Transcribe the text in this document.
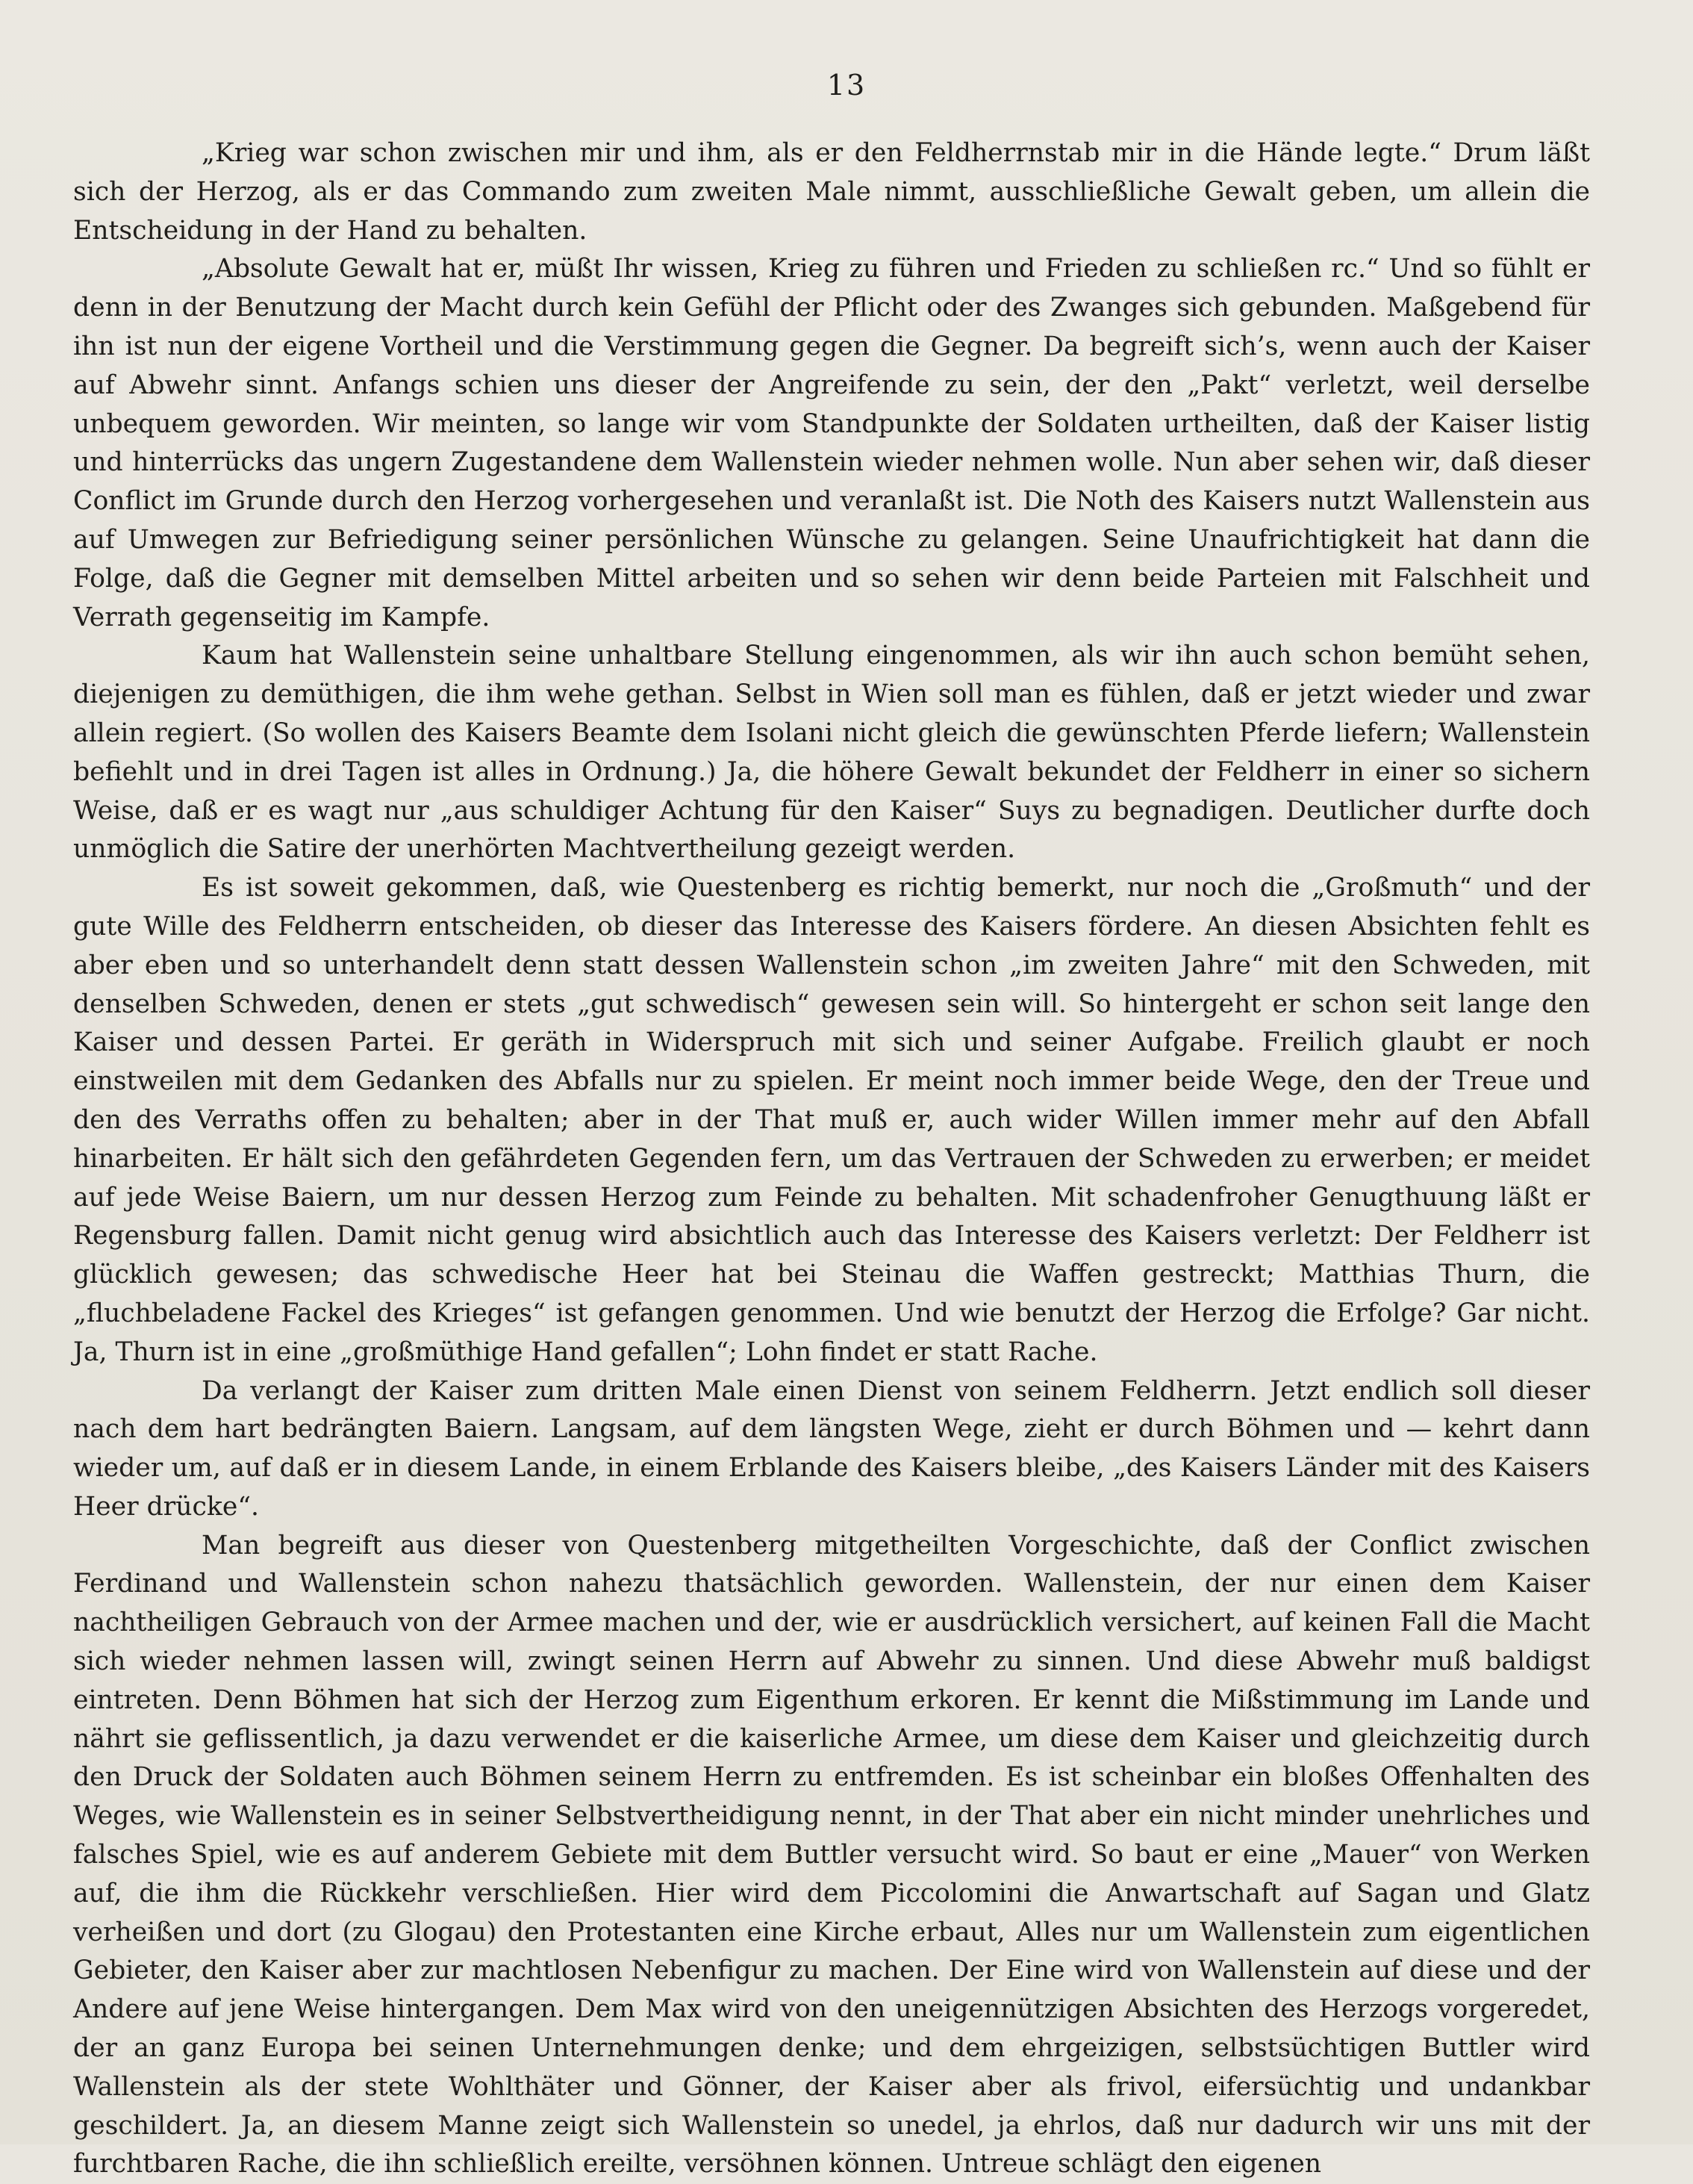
13

„Krieg war schon zwischen mir und ihm, als er den Feldherrnstab mir in die Hände legte.“ Drum läßt sich der Herzog, als er das Commando zum zweiten Male nimmt, ausschließliche Gewalt geben, um allein die Entscheidung in der Hand zu behalten.

„Absolute Gewalt hat er, müßt Ihr wissen, Krieg zu führen und Frieden zu schließen rc.“ Und so fühlt er denn in der Benutzung der Macht durch kein Gefühl der Pflicht oder des Zwanges sich gebunden. Maßgebend für ihn ist nun der eigene Vortheil und die Verstimmung gegen die Gegner. Da begreift sich’s, wenn auch der Kaiser auf Abwehr sinnt. Anfangs schien uns dieser der Angreifende zu sein, der den „Pakt“ verletzt, weil derselbe unbequem geworden. Wir meinten, so lange wir vom Standpunkte der Soldaten urtheilten, daß der Kaiser listig und hinterrücks das ungern Zugestandene dem Wallenstein wieder nehmen wolle. Nun aber sehen wir, daß dieser Conflict im Grunde durch den Herzog vorhergesehen und veranlaßt ist. Die Noth des Kaisers nutzt Wallenstein aus auf Umwegen zur Befriedigung seiner persönlichen Wünsche zu gelangen. Seine Unaufrichtigkeit hat dann die Folge, daß die Gegner mit demselben Mittel arbeiten und so sehen wir denn beide Parteien mit Falschheit und Verrath gegenseitig im Kampfe.

Kaum hat Wallenstein seine unhaltbare Stellung eingenommen, als wir ihn auch schon bemüht sehen, diejenigen zu demüthigen, die ihm wehe gethan. Selbst in Wien soll man es fühlen, daß er jetzt wieder und zwar allein regiert. (So wollen des Kaisers Beamte dem Isolani nicht gleich die gewünschten Pferde liefern; Wallenstein befiehlt und in drei Tagen ist alles in Ordnung.) Ja, die höhere Gewalt bekundet der Feldherr in einer so sichern Weise, daß er es wagt nur „aus schuldiger Achtung für den Kaiser“ Suys zu begnadigen. Deutlicher durfte doch unmöglich die Satire der unerhörten Machtvertheilung gezeigt werden.

Es ist soweit gekommen, daß, wie Questenberg es richtig bemerkt, nur noch die „Großmuth“ und der gute Wille des Feldherrn entscheiden, ob dieser das Interesse des Kaisers fördere. An diesen Absichten fehlt es aber eben und so unterhandelt denn statt dessen Wallenstein schon „im zweiten Jahre“ mit den Schweden, mit denselben Schweden, denen er stets „gut schwedisch“ gewesen sein will. So hintergeht er schon seit lange den Kaiser und dessen Partei. Er geräth in Widerspruch mit sich und seiner Aufgabe. Freilich glaubt er noch einstweilen mit dem Gedanken des Abfalls nur zu spielen. Er meint noch immer beide Wege, den der Treue und den des Verraths offen zu behalten; aber in der That muß er, auch wider Willen immer mehr auf den Abfall hinarbeiten. Er hält sich den gefährdeten Gegenden fern, um das Vertrauen der Schweden zu erwerben; er meidet auf jede Weise Baiern, um nur dessen Herzog zum Feinde zu behalten. Mit schadenfroher Genugthuung läßt er Regensburg fallen. Damit nicht genug wird absichtlich auch das Interesse des Kaisers verletzt: Der Feldherr ist glücklich gewesen; das schwedische Heer hat bei Steinau die Waffen gestreckt; Matthias Thurn, die „fluchbeladene Fackel des Krieges“ ist gefangen genommen. Und wie benutzt der Herzog die Erfolge? Gar nicht. Ja, Thurn ist in eine „großmüthige Hand gefallen“; Lohn findet er statt Rache.

Da verlangt der Kaiser zum dritten Male einen Dienst von seinem Feldherrn. Jetzt endlich soll dieser nach dem hart bedrängten Baiern. Langsam, auf dem längsten Wege, zieht er durch Böhmen und — kehrt dann wieder um, auf daß er in diesem Lande, in einem Erblande des Kaisers bleibe, „des Kaisers Länder mit des Kaisers Heer drücke“.

Man begreift aus dieser von Questenberg mitgetheilten Vorgeschichte, daß der Conflict zwischen Ferdinand und Wallenstein schon nahezu thatsächlich geworden. Wallenstein, der nur einen dem Kaiser nachtheiligen Gebrauch von der Armee machen und der, wie er ausdrücklich versichert, auf keinen Fall die Macht sich wieder nehmen lassen will, zwingt seinen Herrn auf Abwehr zu sinnen. Und diese Abwehr muß baldigst eintreten. Denn Böhmen hat sich der Herzog zum Eigenthum erkoren. Er kennt die Mißstimmung im Lande und nährt sie geflissentlich, ja dazu verwendet er die kaiserliche Armee, um diese dem Kaiser und gleichzeitig durch den Druck der Soldaten auch Böhmen seinem Herrn zu entfremden. Es ist scheinbar ein bloßes Offenhalten des Weges, wie Wallenstein es in seiner Selbstvertheidigung nennt, in der That aber ein nicht minder unehrliches und falsches Spiel, wie es auf anderem Gebiete mit dem Buttler versucht wird. So baut er eine „Mauer“ von Werken auf, die ihm die Rückkehr verschließen. Hier wird dem Piccolomini die Anwartschaft auf Sagan und Glatz verheißen und dort (zu Glogau) den Protestanten eine Kirche erbaut, Alles nur um Wallenstein zum eigentlichen Gebieter, den Kaiser aber zur machtlosen Nebenfigur zu machen. Der Eine wird von Wallenstein auf diese und der Andere auf jene Weise hintergangen. Dem Max wird von den uneigennützigen Absichten des Herzogs vorgeredet, der an ganz Europa bei seinen Unternehmungen denke; und dem ehrgeizigen, selbstsüchtigen Buttler wird Wallenstein als der stete Wohlthäter und Gönner, der Kaiser aber als frivol, eifersüchtig und undankbar geschildert. Ja, an diesem Manne zeigt sich Wallenstein so unedel, ja ehrlos, daß nur dadurch wir uns mit der furchtbaren Rache, die ihn schließlich ereilte, versöhnen können. Untreue schlägt den eigenen
